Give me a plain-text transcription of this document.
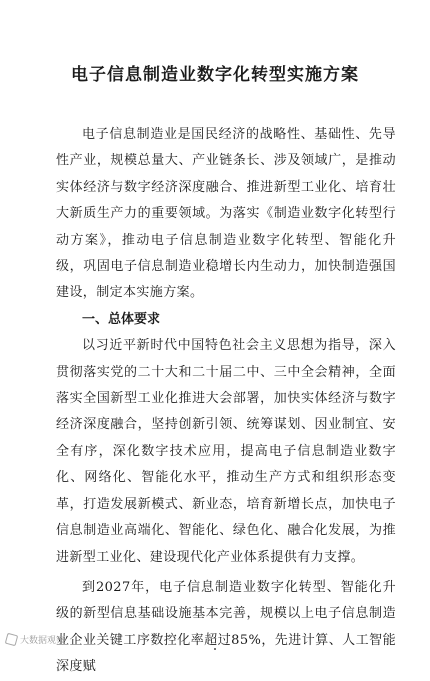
电子信息制造业数字化转型实施方案

电子信息制造业是国民经济的战略性、基础性、先导性产业，规模总量大、产业链条长、涉及领域广，是推动实体经济与数字经济深度融合、推进新型工业化、培育壮大新质生产力的重要领域。为落实《制造业数字化转型行动方案》，推动电子信息制造业数字化转型、智能化升级，巩固电子信息制造业稳增长内生动力，加快制造强国建设，制定本实施方案。

一、总体要求

以习近平新时代中国特色社会主义思想为指导，深入贯彻落实党的二十大和二十届二中、三中全会精神，全面落实全国新型工业化推进大会部署，加快实体经济与数字经济深度融合，坚持创新引领、统筹谋划、因业制宜、安全有序，深化数字技术应用，提高电子信息制造业数字化、网络化、智能化水平，推动生产方式和组织形态变革，打造发展新模式、新业态，培育新增长点，加快电子信息制造业高端化、智能化、绿色化、融合化发展，为推进新型工业化、建设现代化产业体系提供有力支撑。

到2027年，电子信息制造业数字化转型、智能化升级的新型信息基础设施基本完善，规模以上电子信息制造业企业关键工序数控化率超过85%，先进计算、人工智能深度赋

大数据观察
